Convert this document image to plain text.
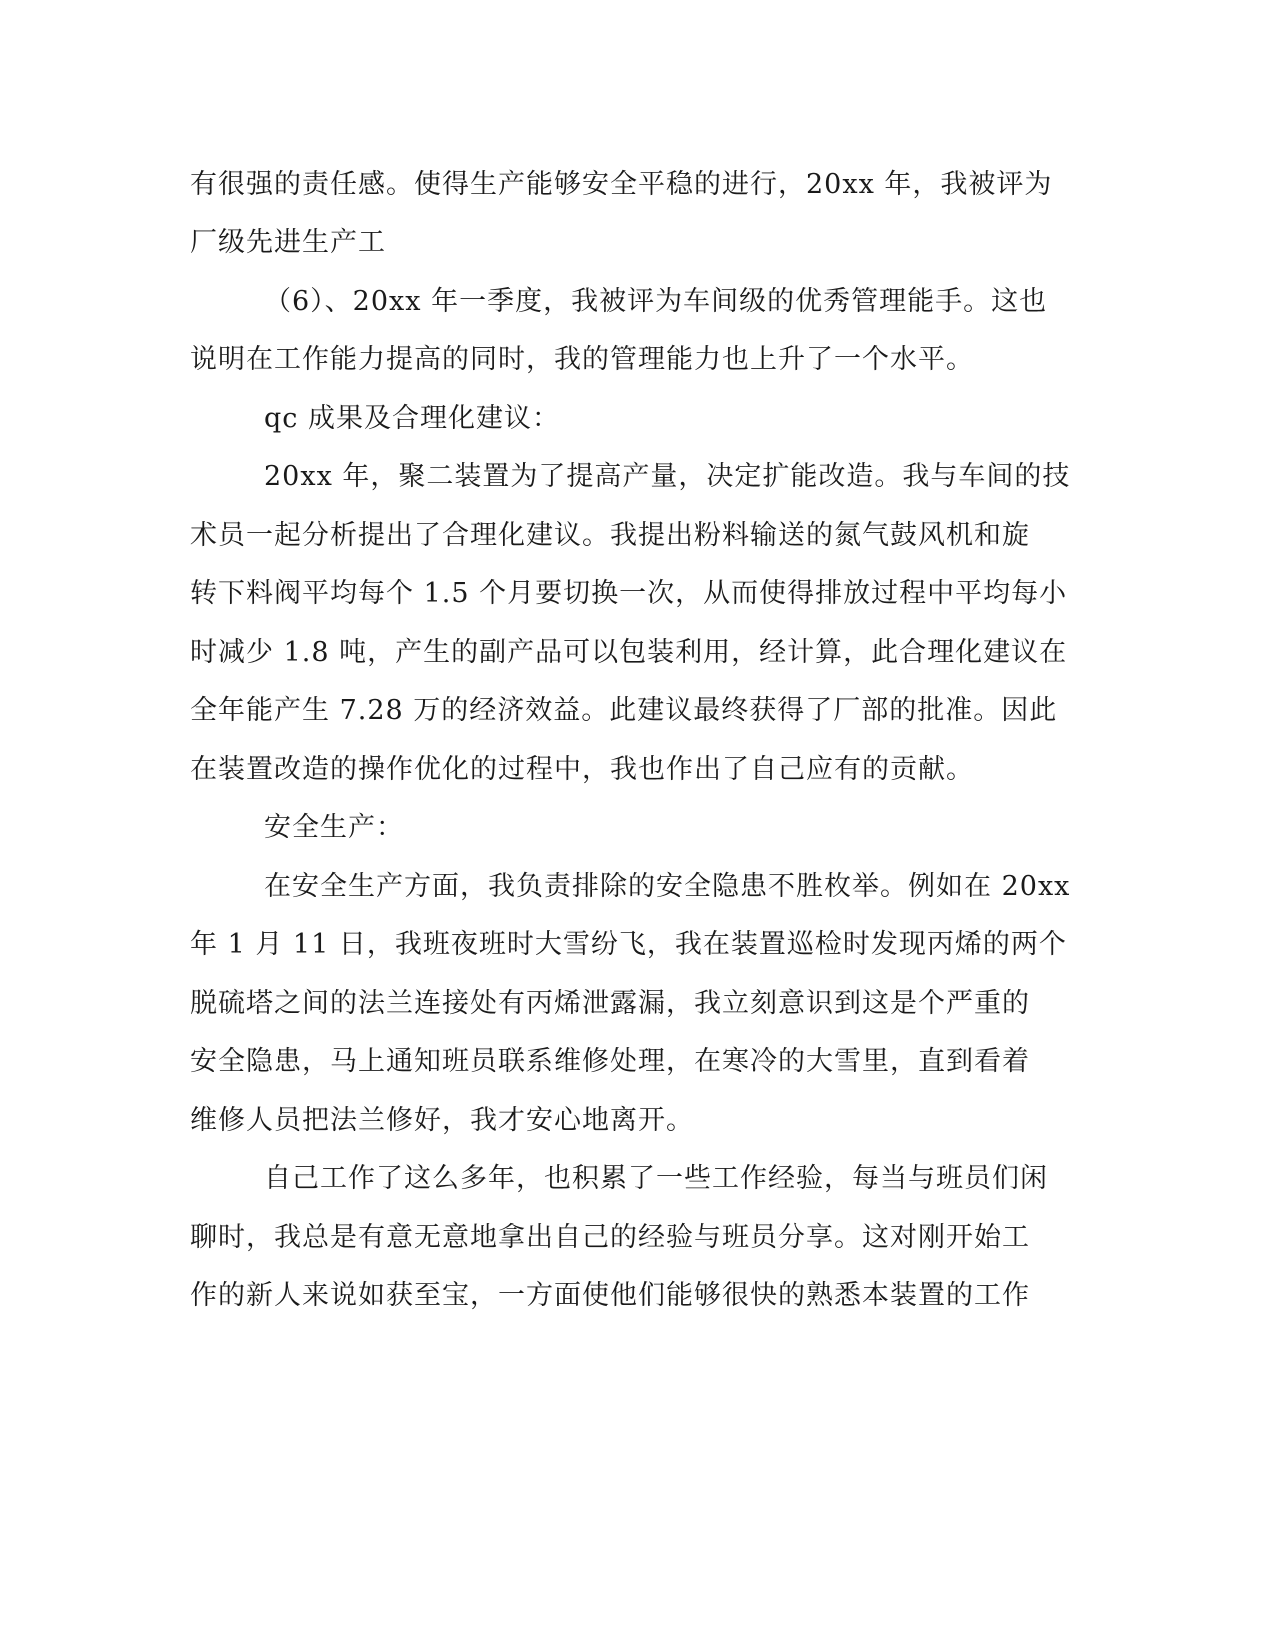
有很强的责任感。使得生产能够安全平稳的进行，20xx 年，我被评为
厂级先进生产工
（6）、20xx 年一季度，我被评为车间级的优秀管理能手。这也
说明在工作能力提高的同时，我的管理能力也上升了一个水平。
qc 成果及合理化建议：
20xx 年，聚二装置为了提高产量，决定扩能改造。我与车间的技
术员一起分析提出了合理化建议。我提出粉料输送的氮气鼓风机和旋
转下料阀平均每个 1.5 个月要切换一次，从而使得排放过程中平均每小
时减少 1.8 吨，产生的副产品可以包装利用，经计算，此合理化建议在
全年能产生 7.28 万的经济效益。此建议最终获得了厂部的批准。因此
在装置改造的操作优化的过程中，我也作出了自己应有的贡献。
安全生产：
在安全生产方面，我负责排除的安全隐患不胜枚举。例如在 20xx
年 1 月 11 日，我班夜班时大雪纷飞，我在装置巡检时发现丙烯的两个
脱硫塔之间的法兰连接处有丙烯泄露漏，我立刻意识到这是个严重的
安全隐患，马上通知班员联系维修处理，在寒冷的大雪里，直到看着
维修人员把法兰修好，我才安心地离开。
自己工作了这么多年，也积累了一些工作经验，每当与班员们闲
聊时，我总是有意无意地拿出自己的经验与班员分享。这对刚开始工
作的新人来说如获至宝，一方面使他们能够很快的熟悉本装置的工作
